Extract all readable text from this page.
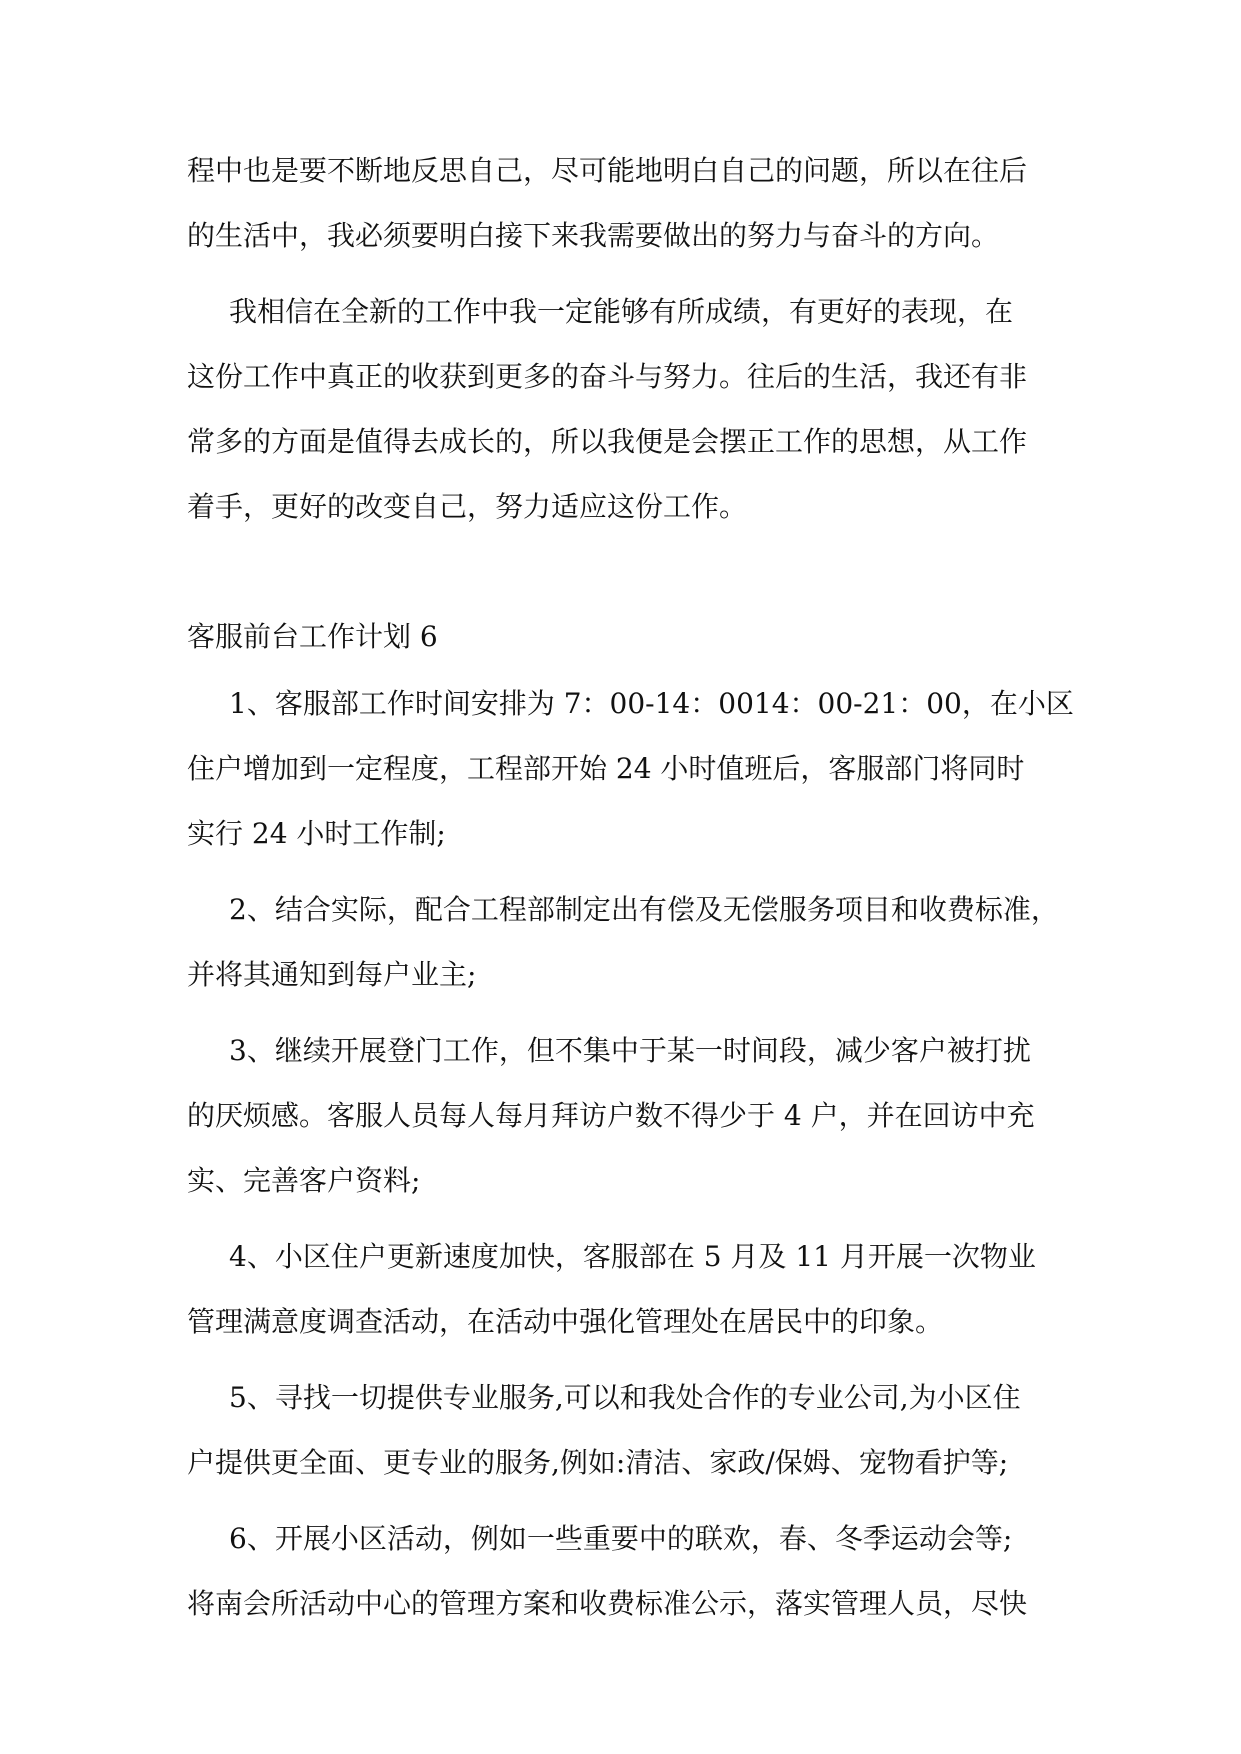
程中也是要不断地反思自己，尽可能地明白自己的问题，所以在往后
的生活中，我必须要明白接下来我需要做出的努力与奋斗的方向。
我相信在全新的工作中我一定能够有所成绩，有更好的表现，在
这份工作中真正的收获到更多的奋斗与努力。往后的生活，我还有非
常多的方面是值得去成长的，所以我便是会摆正工作的思想，从工作
着手，更好的改变自己，努力适应这份工作。
客服前台工作计划 6
1、客服部工作时间安排为 7：00-14：0014：00-21：00，在小区
住户增加到一定程度，工程部开始 24 小时值班后，客服部门将同时
实行 24 小时工作制;
2、结合实际，配合工程部制定出有偿及无偿服务项目和收费标准，
并将其通知到每户业主;
3、继续开展登门工作，但不集中于某一时间段，减少客户被打扰
的厌烦感。客服人员每人每月拜访户数不得少于 4 户，并在回访中充
实、完善客户资料;
4、小区住户更新速度加快，客服部在 5 月及 11 月开展一次物业
管理满意度调查活动，在活动中强化管理处在居民中的印象。
5、寻找一切提供专业服务,可以和我处合作的专业公司,为小区住
户提供更全面、更专业的服务,例如:清洁、家政/保姆、宠物看护等;
6、开展小区活动，例如一些重要中的联欢，春、冬季运动会等;
将南会所活动中心的管理方案和收费标准公示，落实管理人员，尽快
